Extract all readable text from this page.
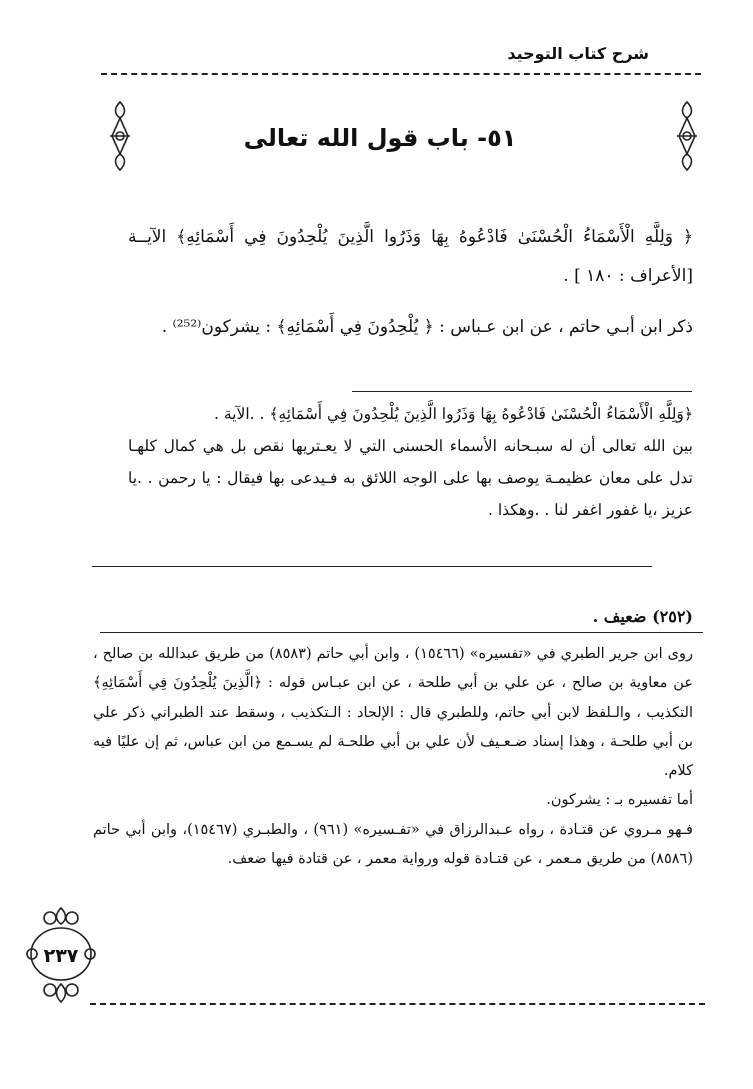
شرح كتاب التوحيد
٥١- باب قول الله تعالى
﴿ وَلِلَّهِ الْأَسْمَاءُ الْحُسْنَىٰ فَادْعُوهُ بِهَا وَذَرُوا الَّذِينَ يُلْحِدُونَ فِي أَسْمَائِهِ﴾ الآيــة [الأعراف : ١٨٠ ] .
ذكر ابن أبـي حاتم ، عن ابن عـباس : ﴿ يُلْحِدُونَ فِي أَسْمَائِهِ﴾ : يشركون⁽²⁵²⁾ .
﴿وَلِلَّهِ الْأَسْمَاءُ الْحُسْنَىٰ فَادْعُوهُ بِهَا وَذَرُوا الَّذِينَ يُلْحِدُونَ فِي أَسْمَائِهِ﴾ . .الآية .
بين الله تعالى أن له سبـحانه الأسماء الحسنى التي لا يعـتريها نقص بل هي كمال كلهـا تدل على معان عظيمـة يوصف بها على الوجه اللائق به فـيدعى بها فيقال : يا رحمن . .يا عزيز ،يا غفور اغفر لنا . .وهكذا .
(٢٥٢) ضعيف .
روى ابن جرير الطبري في «تفسيره» (١٥٤٦٦) ، وابن أبي حاتم (٨٥٨٣) من طريق عبدالله بن صالح ، عن معاوية بن صالح ، عن علي بن أبي طلحة ، عن ابن عبـاس قوله : ﴿الَّذِينَ يُلْحِدُونَ فِي أَسْمَائِهِ﴾ التكذيب ، والـلفظ لابن أبي حاتم، وللطبري قال : الإلحاد : الـتكذيب ، وسقط عند الطبراني ذكر علي بن أبي طلحـة ، وهذا إسناد ضـعـيف لأن علي بن أبي طلحـة لم يسـمع من ابن عباس، ثم إن عليًا فيه كلام.
أما تفسيره بـ : يشركون.
فـهو مـروي عن قتـادة ، رواه عـبدالرزاق في «تفـسيره» (٩٦١) ، والطبـري (١٥٤٦٧)، وابن أبي حاتم (٨٥٨٦) من طريق مـعمر ، عن قتـادة قوله ورواية معمر ، عن قتادة فيها ضعف.
٢٣٧
